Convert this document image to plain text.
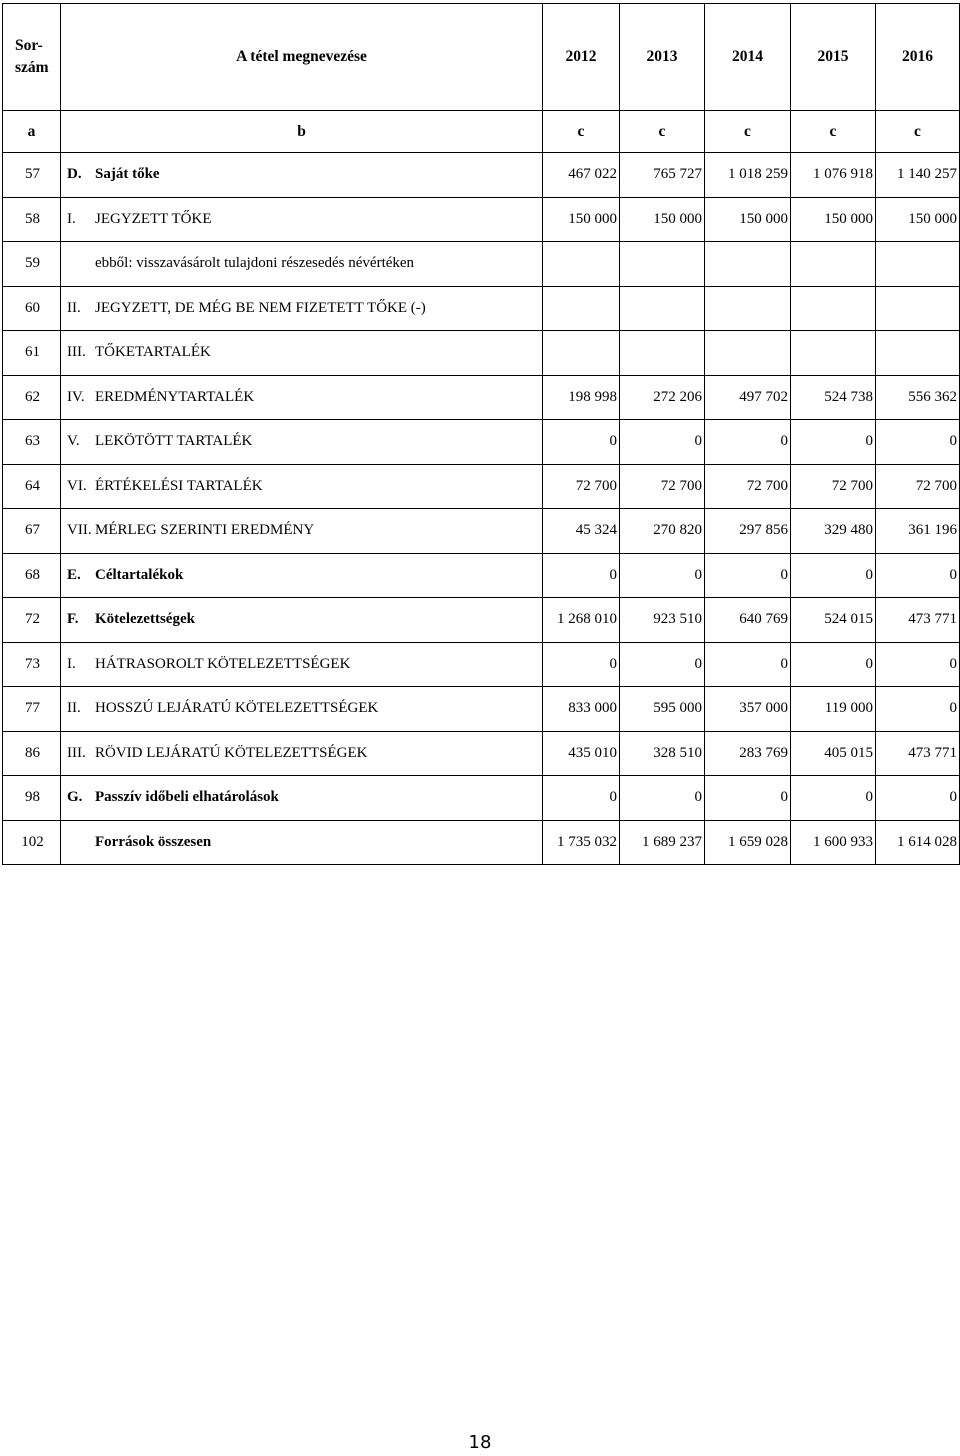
Sor-
szám	A tétel megnevezése	2012	2013	2014	2015	2016
a	b	c	c	c	c	c
57	D. Saját tőke	467 022	765 727	1 018 259	1 076 918	1 140 257
58	I. JEGYZETT TŐKE	150 000	150 000	150 000	150 000	150 000
59	ebből: visszavásárolt tulajdoni részesedés névértéken					
60	II. JEGYZETT, DE MÉG BE NEM FIZETETT TŐKE (-)					
61	III. TŐKETARTALÉK					
62	IV. EREDMÉNYTARTALÉK	198 998	272 206	497 702	524 738	556 362
63	V. LEKÖTÖTT TARTALÉK	0	0	0	0	0
64	VI. ÉRTÉKELÉSI TARTALÉK	72 700	72 700	72 700	72 700	72 700
67	VII. MÉRLEG SZERINTI EREDMÉNY	45 324	270 820	297 856	329 480	361 196
68	E. Céltartalékok	0	0	0	0	0
72	F. Kötelezettségek	1 268 010	923 510	640 769	524 015	473 771
73	I. HÁTRASOROLT KÖTELEZETTSÉGEK	0	0	0	0	0
77	II. HOSSZÚ LEJÁRATÚ KÖTELEZETTSÉGEK	833 000	595 000	357 000	119 000	0
86	III. RÖVID LEJÁRATÚ KÖTELEZETTSÉGEK	435 010	328 510	283 769	405 015	473 771
98	G. Passzív időbeli elhatárolások	0	0	0	0	0
102	Források összesen	1 735 032	1 689 237	1 659 028	1 600 933	1 614 028
18
